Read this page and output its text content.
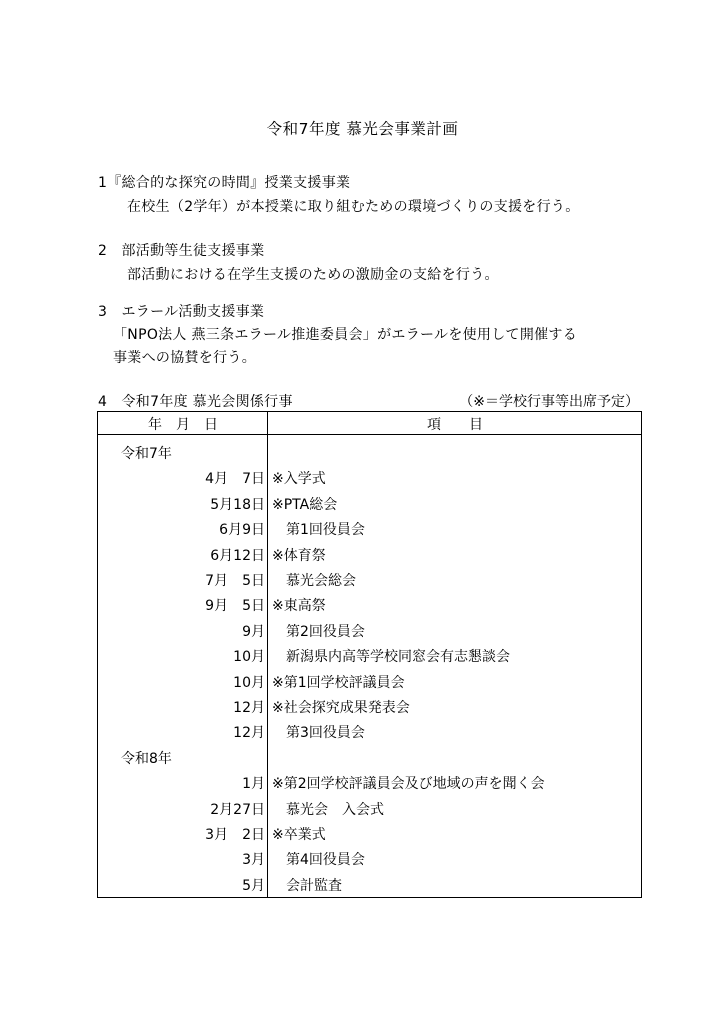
令和7年度 慕光会事業計画
1『総合的な探究の時間』授業支援事業
在校生（2学年）が本授業に取り組むための環境づくりの支援を行う。
2　部活動等生徒支援事業
部活動における在学生支援のための激励金の支給を行う。
3　エラール活動支援事業
「NPO法人 燕三条エラール推進委員会」がエラールを使用して開催する
事業への協賛を行う。
4　令和7年度 慕光会関係行事	（※＝学校行事等出席予定）
年　月　日	項　　目
令和7年
4月　7日 ※入学式
5月18日 ※PTA総会
6月9日 　第1回役員会
6月12日 ※体育祭
7月　5日 　慕光会総会
9月　5日 ※東高祭
9月 　第2回役員会
10月 　新潟県内高等学校同窓会有志懇談会
10月 ※第1回学校評議員会
12月 ※社会探究成果発表会
12月 　第3回役員会
令和8年
1月 ※第2回学校評議員会及び地域の声を聞く会
2月27日 　慕光会　入会式
3月　2日 ※卒業式
3月 　第4回役員会
5月 　会計監査
